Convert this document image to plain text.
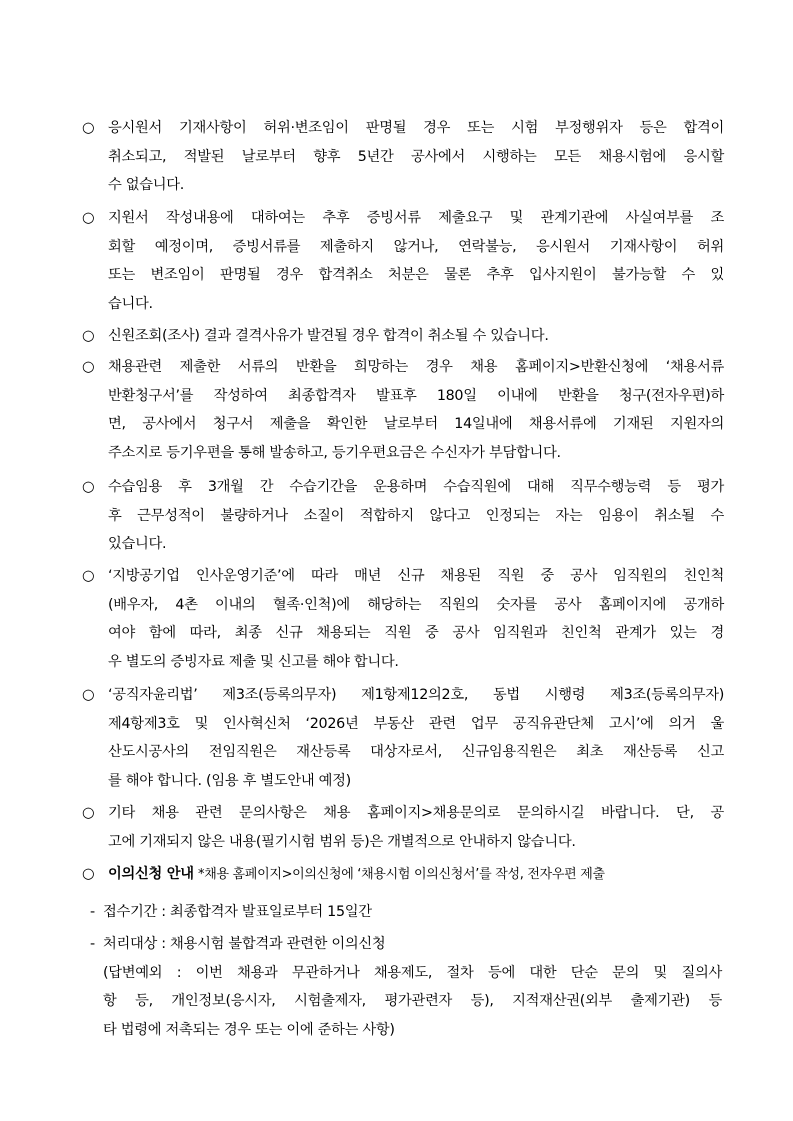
○ 응시원서 기재사항이 허위·변조임이 판명될 경우 또는 시험 부정행위자 등은 합격이
취소되고, 적발된 날로부터 향후 5년간 공사에서 시행하는 모든 채용시험에 응시할
수 없습니다.
○ 지원서 작성내용에 대하여는 추후 증빙서류 제출요구 및 관계기관에 사실여부를 조
회할 예정이며, 증빙서류를 제출하지 않거나, 연락불능, 응시원서 기재사항이 허위
또는 변조임이 판명될 경우 합격취소 처분은 물론 추후 입사지원이 불가능할 수 있
습니다.
○ 신원조회(조사) 결과 결격사유가 발견될 경우 합격이 취소될 수 있습니다.
○ 채용관련 제출한 서류의 반환을 희망하는 경우 채용 홈페이지>반환신청에 ‘채용서류
반환청구서’를 작성하여 최종합격자 발표후 180일 이내에 반환을 청구(전자우편)하
면, 공사에서 청구서 제출을 확인한 날로부터 14일내에 채용서류에 기재된 지원자의
주소지로 등기우편을 통해 발송하고, 등기우편요금은 수신자가 부담합니다.
○ 수습임용 후 3개월 간 수습기간을 운용하며 수습직원에 대해 직무수행능력 등 평가
후 근무성적이 불량하거나 소질이 적합하지 않다고 인정되는 자는 임용이 취소될 수
있습니다.
○ ‘지방공기업 인사운영기준’에 따라 매년 신규 채용된 직원 중 공사 임직원의 친인척
(배우자, 4촌 이내의 혈족·인척)에 해당하는 직원의 숫자를 공사 홈페이지에 공개하
여야 함에 따라, 최종 신규 채용되는 직원 중 공사 임직원과 친인척 관계가 있는 경
우 별도의 증빙자료 제출 및 신고를 해야 합니다.
○ ‘공직자윤리법’ 제3조(등록의무자) 제1항제12의2호, 동법 시행령 제3조(등록의무자)
제4항제3호 및 인사혁신처 ‘2026년 부동산 관련 업무 공직유관단체 고시’에 의거 울
산도시공사의 전임직원은 재산등록 대상자로서, 신규임용직원은 최초 재산등록 신고
를 해야 합니다. (임용 후 별도안내 예정)
○ 기타 채용 관련 문의사항은 채용 홈페이지>채용문의로 문의하시길 바랍니다. 단, 공
고에 기재되지 않은 내용(필기시험 범위 등)은 개별적으로 안내하지 않습니다.
○ 이의신청 안내 *채용 홈페이지>이의신청에 ‘채용시험 이의신청서’를 작성, 전자우편 제출
- 접수기간 : 최종합격자 발표일로부터 15일간
- 처리대상 : 채용시험 불합격과 관련한 이의신청
(답변예외 : 이번 채용과 무관하거나 채용제도, 절차 등에 대한 단순 문의 및 질의사
항 등, 개인정보(응시자, 시험출제자, 평가관련자 등), 지적재산권(외부 출제기관) 등
타 법령에 저촉되는 경우 또는 이에 준하는 사항)
